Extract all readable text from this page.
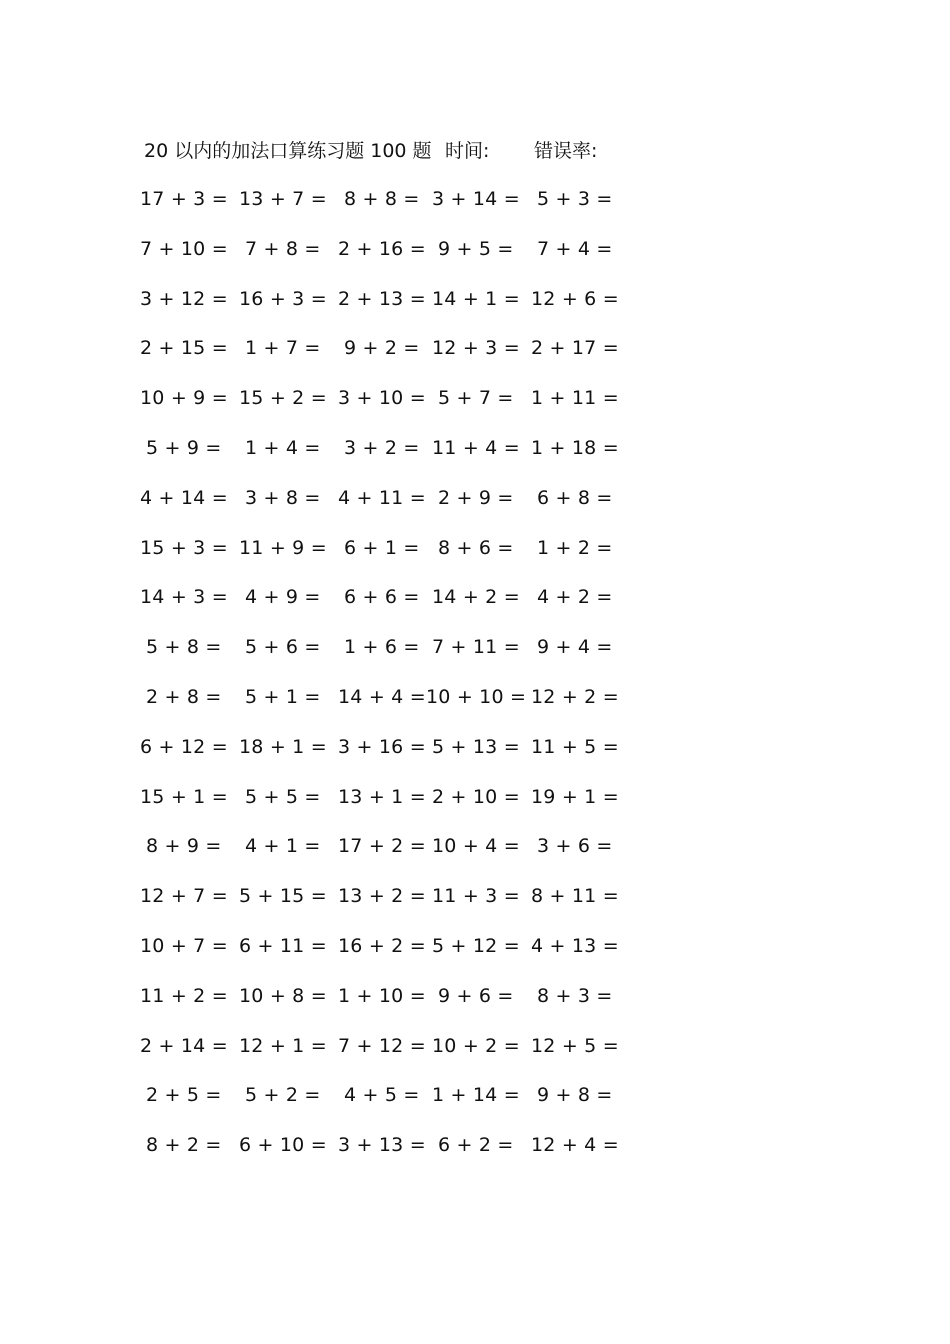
20 以内的加法口算练习题 100 题 时间: 错误率:
17 + 3 = 13 + 7 = 8 + 8 = 3 + 14 = 5 + 3 =
7 + 10 = 7 + 8 = 2 + 16 = 9 + 5 = 7 + 4 =
3 + 12 = 16 + 3 = 2 + 13 = 14 + 1 = 12 + 6 =
2 + 15 = 1 + 7 = 9 + 2 = 12 + 3 = 2 + 17 =
10 + 9 = 15 + 2 = 3 + 10 = 5 + 7 = 1 + 11 =
5 + 9 = 1 + 4 = 3 + 2 = 11 + 4 = 1 + 18 =
4 + 14 = 3 + 8 = 4 + 11 = 2 + 9 = 6 + 8 =
15 + 3 = 11 + 9 = 6 + 1 = 8 + 6 = 1 + 2 =
14 + 3 = 4 + 9 = 6 + 6 = 14 + 2 = 4 + 2 =
5 + 8 = 5 + 6 = 1 + 6 = 7 + 11 = 9 + 4 =
2 + 8 = 5 + 1 = 14 + 4 = 10 + 10 = 12 + 2 =
6 + 12 = 18 + 1 = 3 + 16 = 5 + 13 = 11 + 5 =
15 + 1 = 5 + 5 = 13 + 1 = 2 + 10 = 19 + 1 =
8 + 9 = 4 + 1 = 17 + 2 = 10 + 4 = 3 + 6 =
12 + 7 = 5 + 15 = 13 + 2 = 11 + 3 = 8 + 11 =
10 + 7 = 6 + 11 = 16 + 2 = 5 + 12 = 4 + 13 =
11 + 2 = 10 + 8 = 1 + 10 = 9 + 6 = 8 + 3 =
2 + 14 = 12 + 1 = 7 + 12 = 10 + 2 = 12 + 5 =
2 + 5 = 5 + 2 = 4 + 5 = 1 + 14 = 9 + 8 =
8 + 2 = 6 + 10 = 3 + 13 = 6 + 2 = 12 + 4 =
